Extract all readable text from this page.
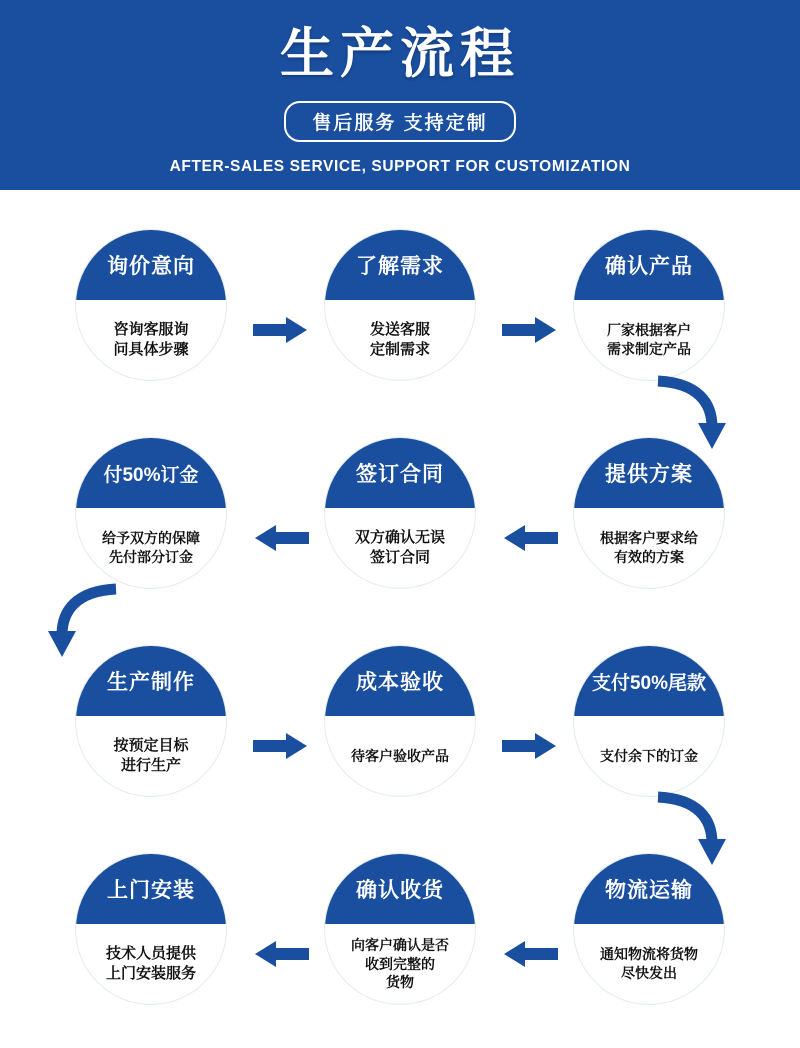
生产流程
售后服务 支持定制
AFTER-SALES SERVICE, SUPPORT FOR CUSTOMIZATION
询价意向
咨询客服询
问具体步骤
了解需求
发送客服
定制需求
确认产品
厂家根据客户
需求制定产品
提供方案
根据客户要求给
有效的方案
签订合同
双方确认无误
签订合同
付50%订金
给予双方的保障
先付部分订金
生产制作
按预定目标
进行生产
成本验收
待客户验收产品
支付50%尾款
支付余下的订金
物流运输
通知物流将货物
尽快发出
确认收货
向客户确认是否
收到完整的
货物
上门安装
技术人员提供
上门安装服务
